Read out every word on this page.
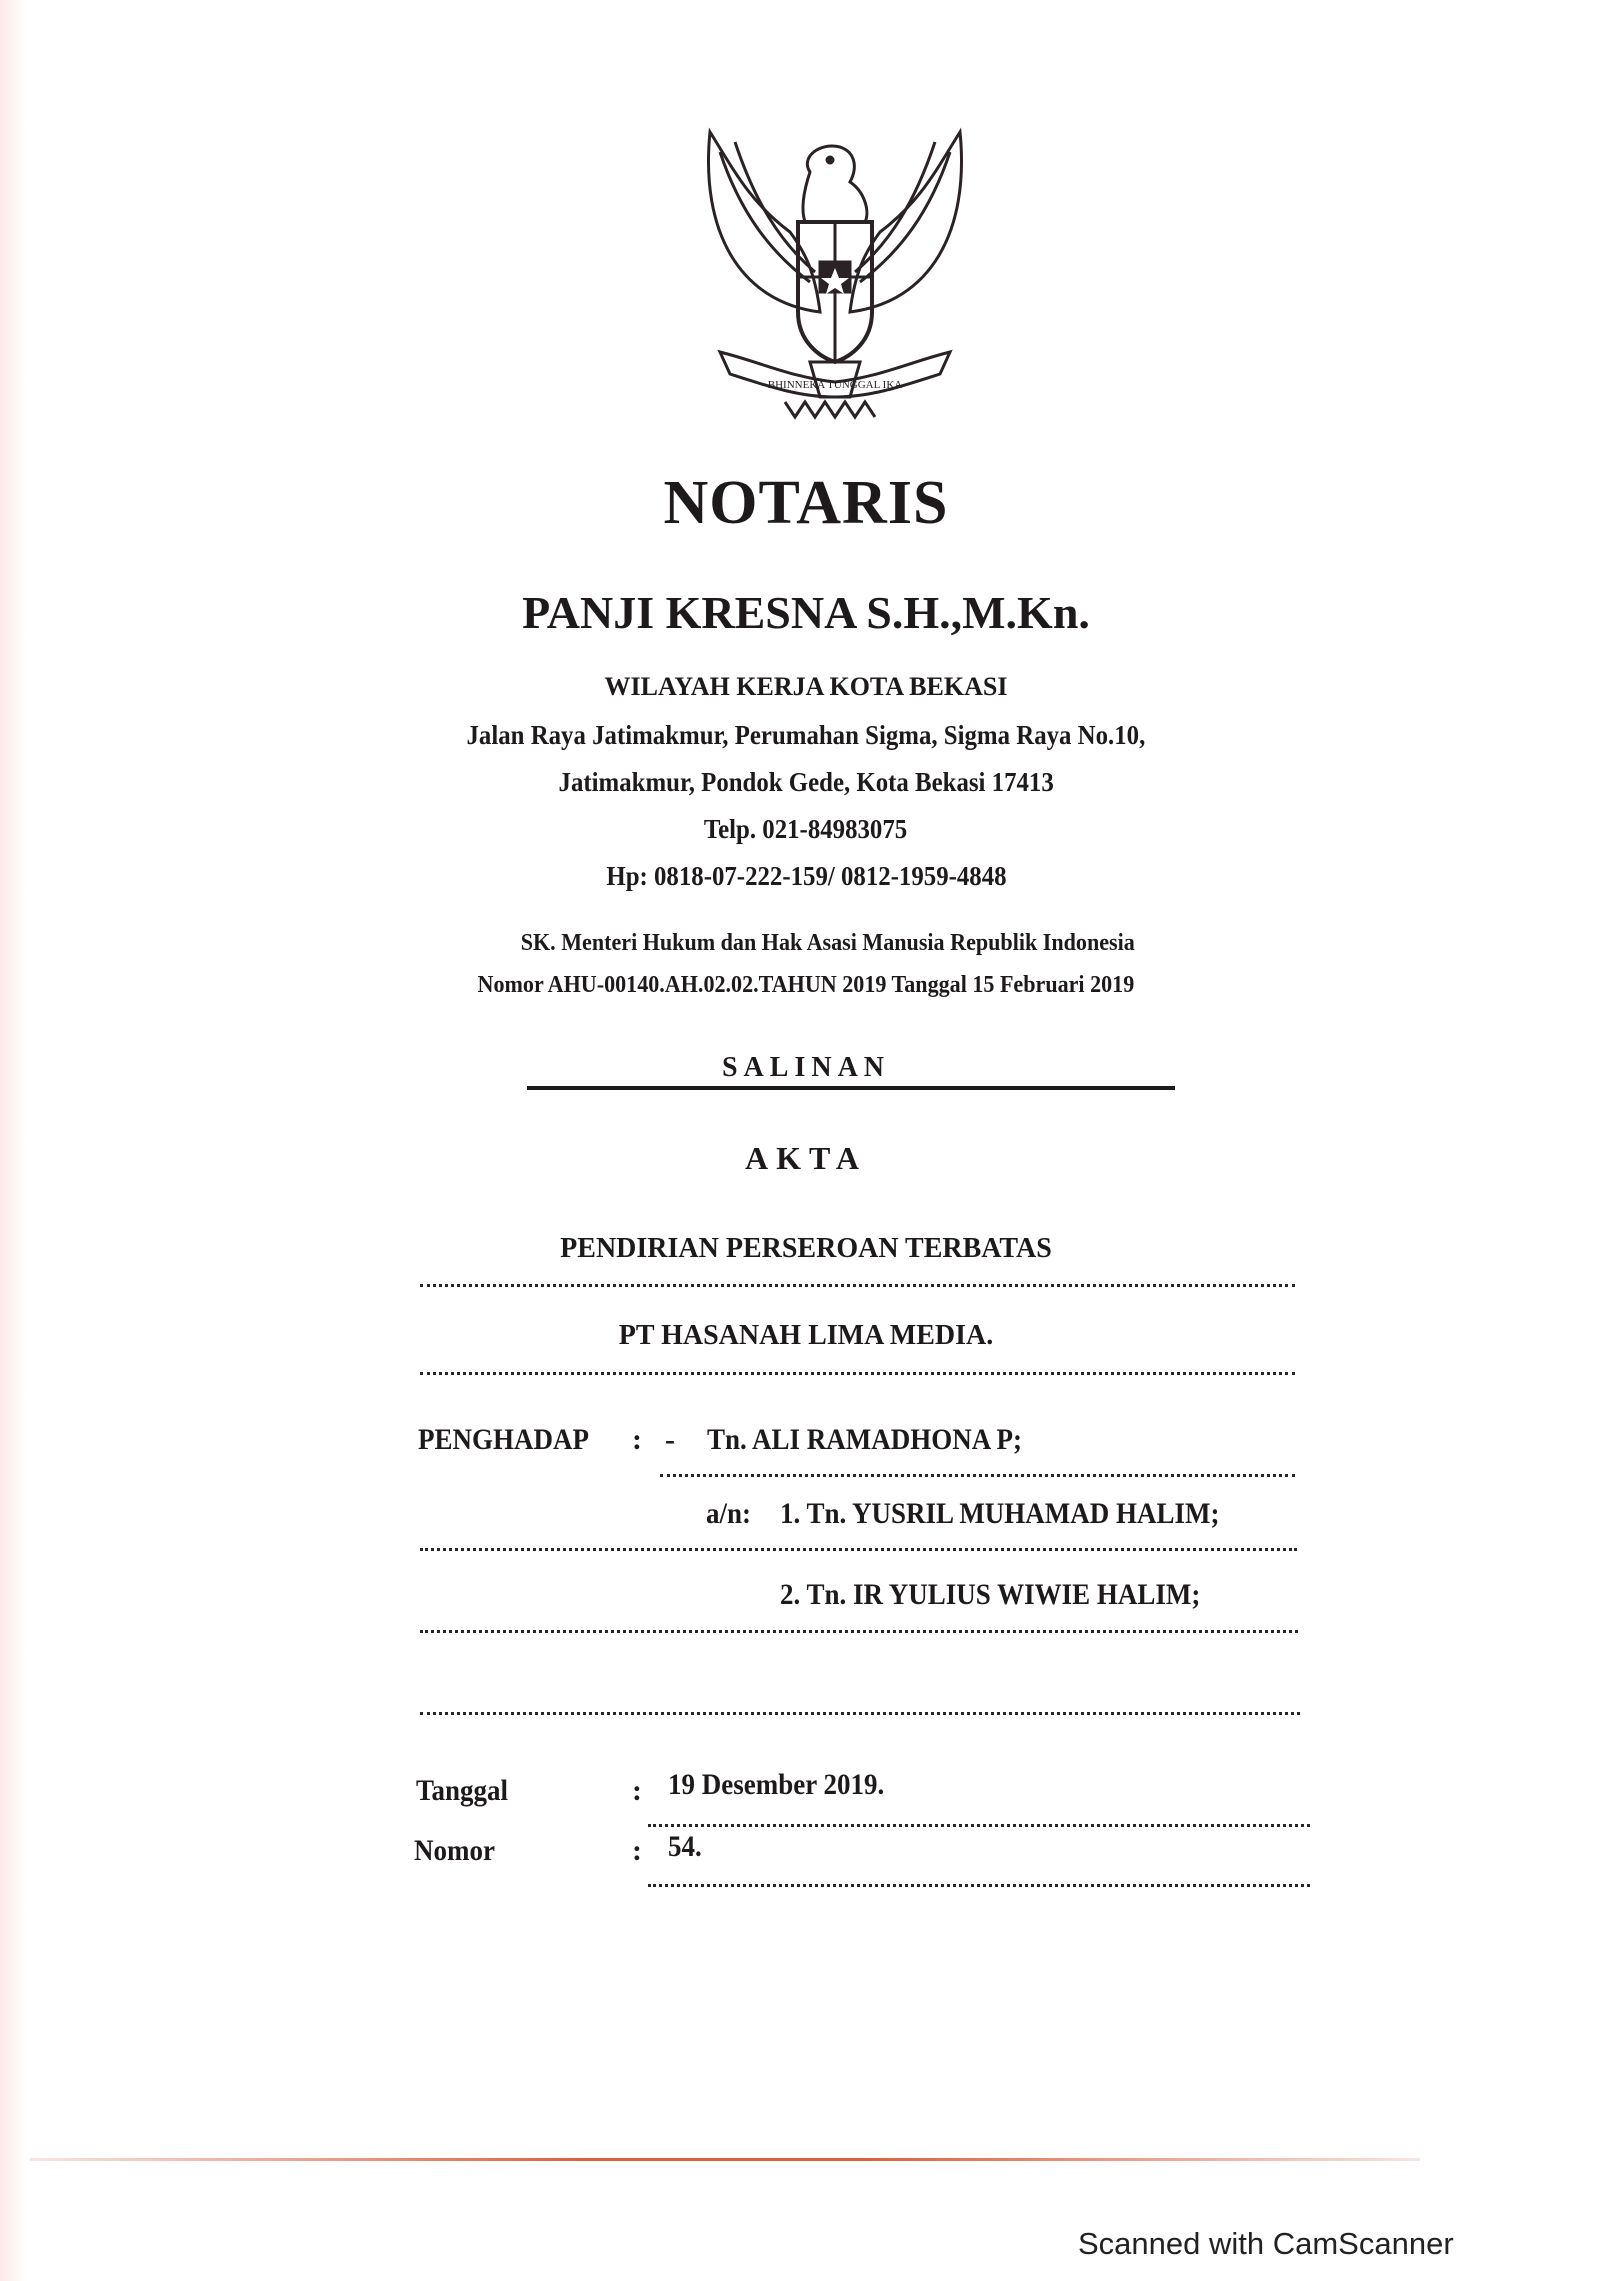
BHINNEKA TUNGGAL IKA
NOTARIS
PANJI KRESNA S.H.,M.Kn.
WILAYAH KERJA KOTA BEKASI
Jalan Raya Jatimakmur, Perumahan Sigma, Sigma Raya No.10,
Jatimakmur, Pondok Gede, Kota Bekasi 17413
Telp. 021-84983075
Hp: 0818-07-222-159/ 0812-1959-4848
SK. Menteri Hukum dan Hak Asasi Manusia Republik Indonesia
Nomor AHU-00140.AH.02.02.TAHUN 2019 Tanggal 15 Februari 2019
SALINAN
AKTA
PENDIRIAN PERSEROAN TERBATAS
PT HASANAH LIMA MEDIA.
PENGHADAP : - Tn. ALI RAMADHONA P;
a/n: 1. Tn. YUSRIL MUHAMAD HALIM;
2. Tn. IR YULIUS WIWIE HALIM;
Tanggal	: 19 Desember 2019.
Nomor	: 54.
Scanned with CamScanner
